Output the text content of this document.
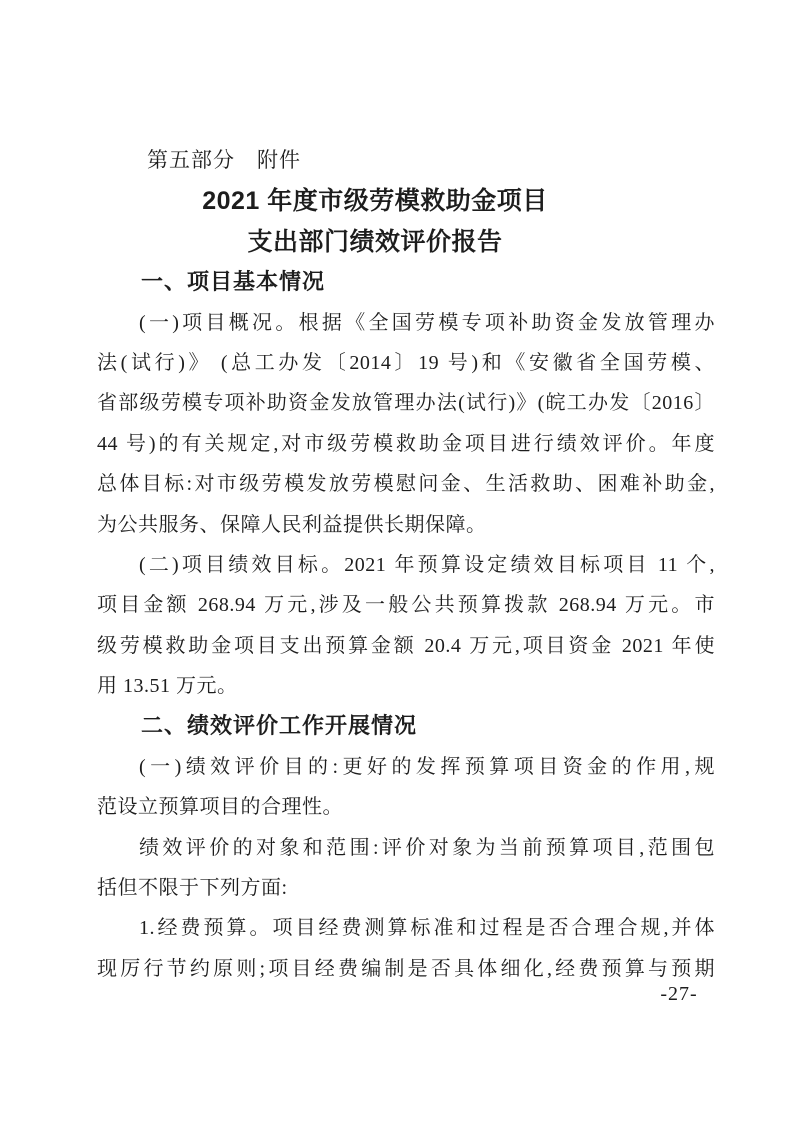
第五部分　附件
2021 年度市级劳模救助金项目
支出部门绩效评价报告
一、项目基本情况
(一)项目概况。根据《全国劳模专项补助资金发放管理办
法(试行)》 (总工办发〔2014〕19 号)和《安徽省全国劳模、
省部级劳模专项补助资金发放管理办法(试行)》(皖工办发〔2016〕
44 号)的有关规定,对市级劳模救助金项目进行绩效评价。年度
总体目标:对市级劳模发放劳模慰问金、生活救助、困难补助金,
为公共服务、保障人民利益提供长期保障。
(二)项目绩效目标。2021 年预算设定绩效目标项目 11 个,
项目金额 268.94 万元,涉及一般公共预算拨款 268.94 万元。市
级劳模救助金项目支出预算金额 20.4 万元,项目资金 2021 年使
用 13.51 万元。
二、绩效评价工作开展情况
(一)绩效评价目的:更好的发挥预算项目资金的作用,规
范设立预算项目的合理性。
绩效评价的对象和范围:评价对象为当前预算项目,范围包
括但不限于下列方面:
1.经费预算。项目经费测算标准和过程是否合理合规,并体
现厉行节约原则;项目经费编制是否具体细化,经费预算与预期
-27-
